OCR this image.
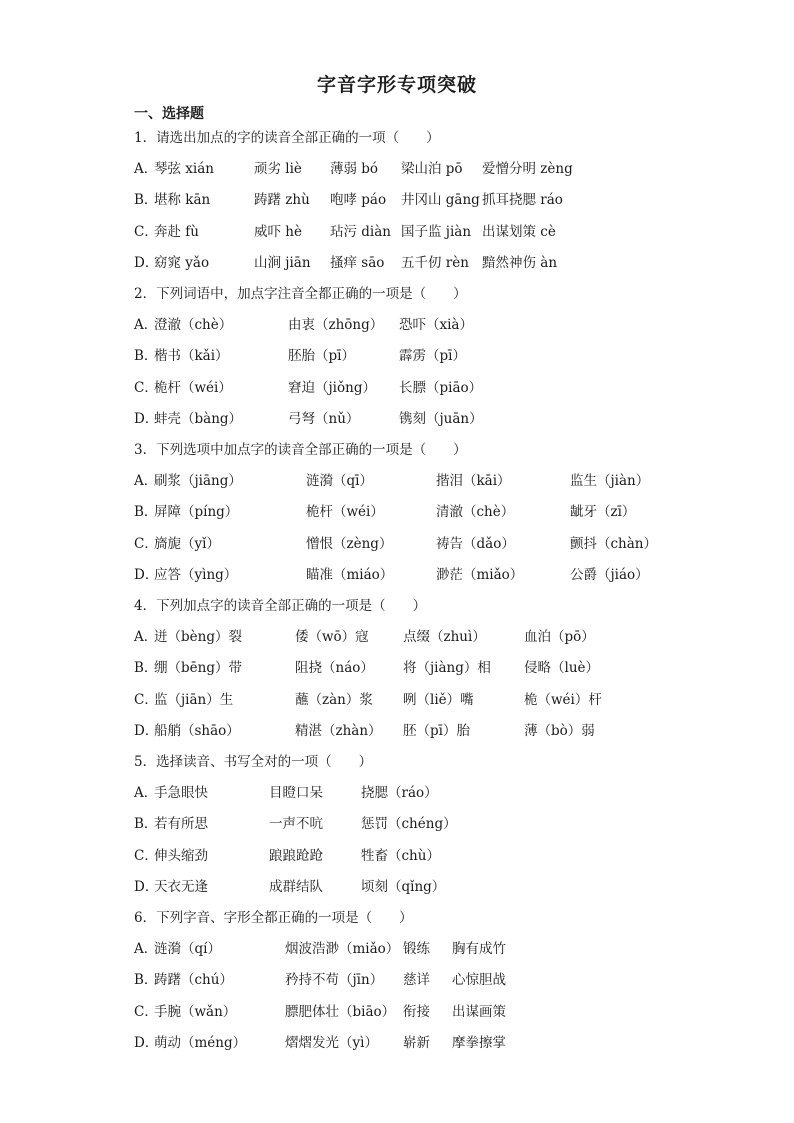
字音字形专项突破
一、选择题
1．请选出加点的字的读音全部正确的一项（　　）
A．
琴弦 xián	顽劣 liè 薄弱 bó 梁山泊 pō 爱憎分明 zèng
B．
堪称 kān	踌躇 zhù 咆哮 páo 井冈山 gāng 抓耳挠腮 ráo
C．
奔赴 fù	威吓 hè 玷污 diàn 国子监 jiàn 出谋划策 cè
D．
窈窕 yǎo	山涧 jiān 搔痒 sāo 五千仞 rèn 黯然神伤 àn
2．下列词语中，加点字注音全都正确的一项是（　　）
A．
澄澈（chè）	由衷（zhōng） 恐吓（xià）
B．
楷书（kǎi）	胚胎（pī）	霹雳（pī）
C．
桅杆（wéi）	窘迫（jiǒng） 长膘（piāo）
D．
蚌壳（bàng）	弓弩（nǔ）	镌刻（juān）
3．下列选项中加点字的读音全部正确的一项是（　　）
A．
刷浆（jiāng）	涟漪（qī）	揩泪（kāi）	监生（jiàn）
B．
屏障（píng）	桅杆（wéi）	清澈（chè）	龇牙（zī）
C．
旖旎（yǐ）	憎恨（zèng）	祷告（dǎo）	颤抖（chàn）
D．
应答（yìng）	瞄准（miáo）	渺茫（miǎo）	公爵（jiáo）
4．下列加点字的读音全部正确的一项是（　　）
A．
迸（bèng）裂	倭（wō）寇	点缀（zhuì）	血泊（pō）
B．
绷（bēng）带	阻挠（náo） 将（jiàng）相 侵略（luè）
C．
监（jiān）生	蘸（zàn）浆 咧（liě）嘴	桅（wéi）杆
D．
船艄（shāo）	精湛（zhàn） 胚（pī）胎	薄（bò）弱
5．选择读音、书写全对的一项（　　）
A．
手急眼快	目瞪口呆	挠腮（ráo）
B．
若有所思	一声不吭	惩罚（chéng）
C．
伸头缩劲	踉踉跄跄	牲畜（chù）
D．
天衣无逢	成群结队	顷刻（qǐng）
6．下列字音、字形全都正确的一项是（　　）
A．
涟漪（qí）	烟波浩渺（miǎo） 锻练 胸有成竹
B．
踌躇（chú）	矜持不苟（jīn） 慈详 心惊胆战
C．
手腕（wǎn）	膘肥体壮（biāo） 衔接 出谋画策
D．
萌动（méng）	熠熠发光（yì） 崭新 摩拳擦掌
